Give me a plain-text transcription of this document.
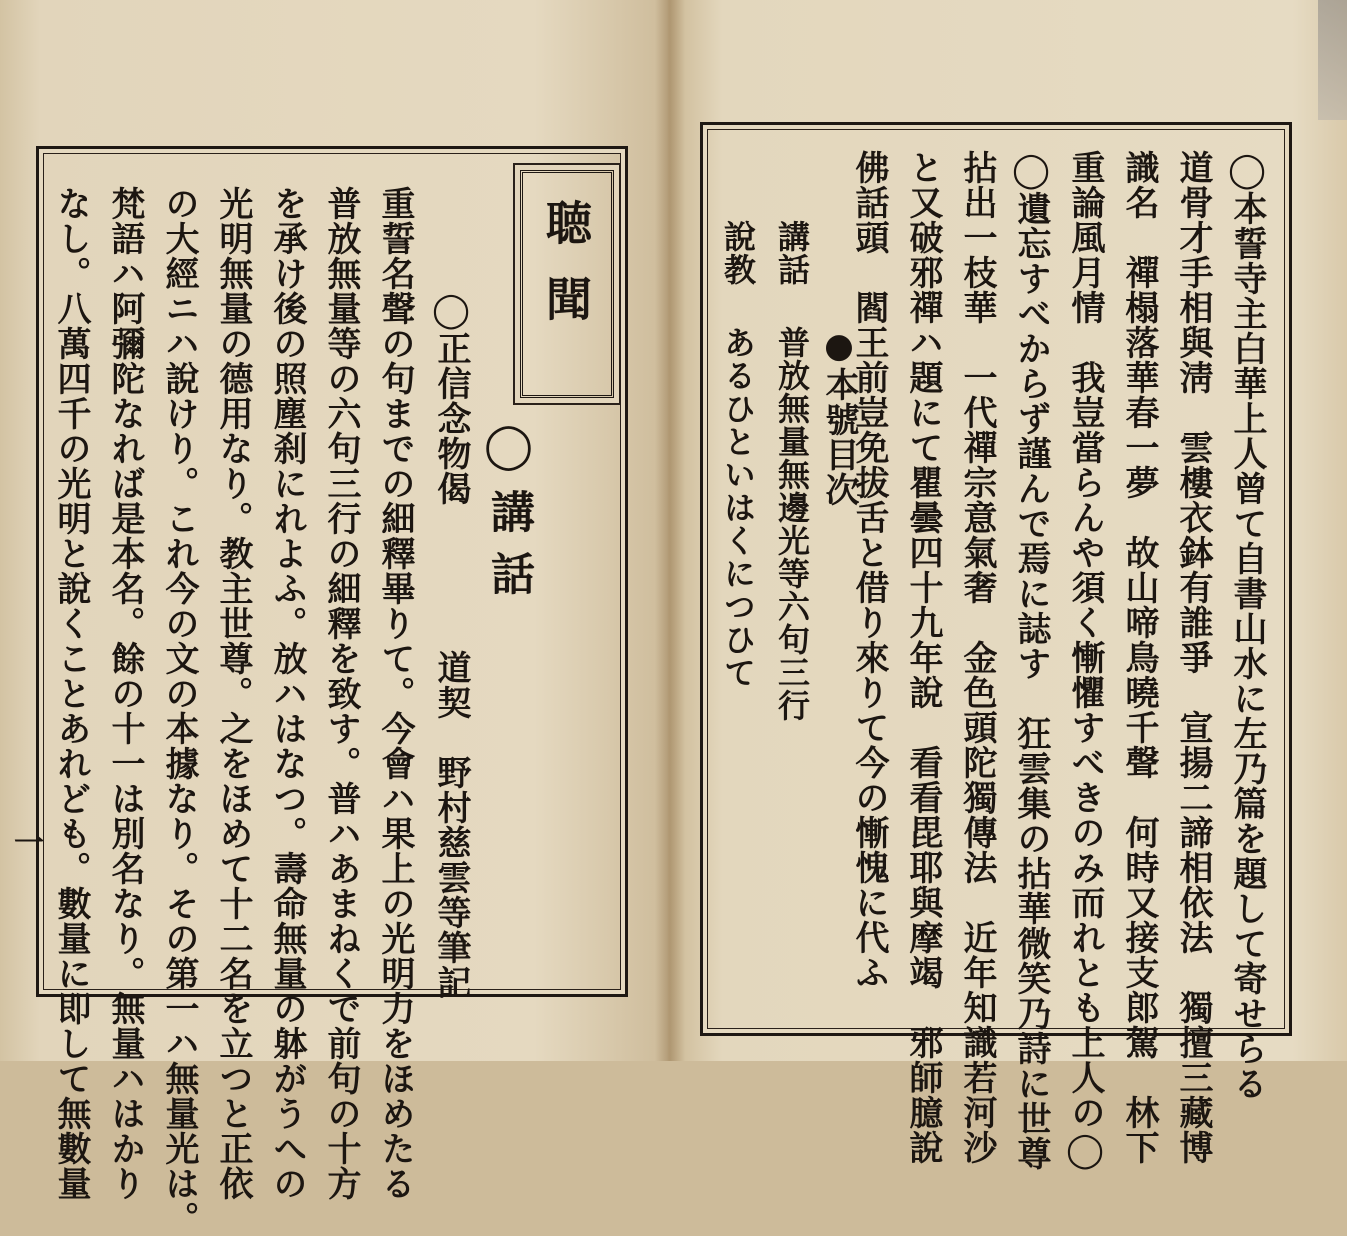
聴聞
◯講話
◯正信念物偈
道契　野村慈雲等筆記
重誓名聲の句までの細釋畢りて。今會ハ果上の光明力をほめたる
普放無量等の六句三行の細釋を致す。普ハあまねくで前句の十方
を承け後の照塵刹にれよふ。放ハはなつ。壽命無量の躰がうへの
光明無量の德用なり。教主世尊。之をほめて十二名を立つと正依
の大經ニハ說けり。これ今の文の本據なり。その第一ハ無量光は。
梵語ハ阿彌陀なれば是本名。餘の十一は別名なり。無量ハはかり
なし。八萬四千の光明と說くことあれども。數量に即して無數量
一	◯本誓寺主白華上人曾て自書山水に左乃篇を題して寄せらる
道骨才手相與淸　雲樓衣鉢有誰爭　宣揚二諦相依法　獨擅三藏博
識名　禪榻落華春一夢　故山啼鳥曉千聲　何時又接支郎駕　林下
重論風月情　我豈當らんや須く慚懼すべきのみ而れとも上人の◯
◯遺忘すべからず謹んで焉に誌す　狂雲集の拈華微笑乃詩に世尊
拈出一枝華　一代禪宗意氣奢　金色頭陀獨傳法　近年知識若河沙
と又破邪禪ハ題にて瞿曇四十九年說　看看毘耶與摩竭　邪師臆說
佛話頭　閻王前豈免拔舌と借り來りて今の慚愧に代ふ
●本號目次
講話
普放無量無邊光等六句三行
說教
あるひといはくにつひて
